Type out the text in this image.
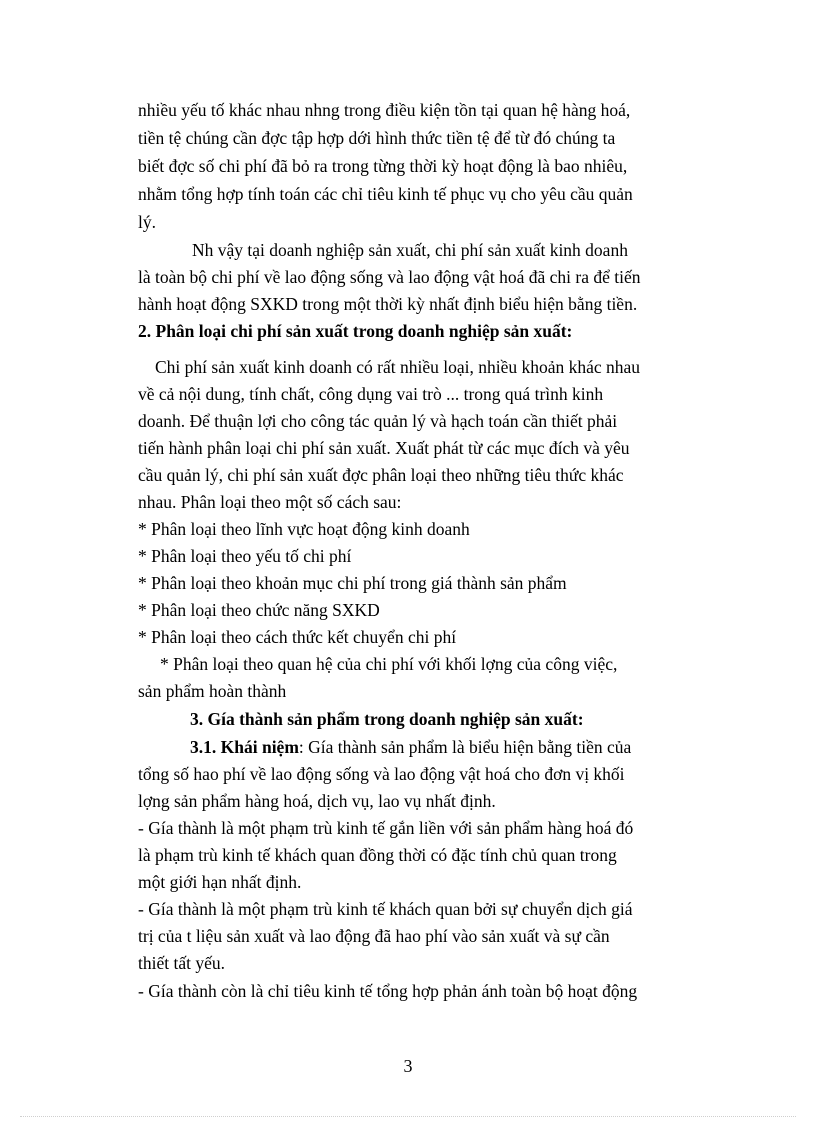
nhiều yếu tố khác nhau nhng trong điều kiện tồn tại quan hệ hàng hoá,
tiền tệ chúng cần đợc tập hợp dới hình thức tiền tệ để từ đó chúng ta
biết đợc số chi phí đã bỏ ra trong từng thời kỳ hoạt động là bao nhiêu,
nhằm tổng hợp tính toán các chỉ tiêu kinh tế phục vụ cho yêu cầu quản
lý.
Nh vậy tại doanh nghiệp sản xuất, chi phí sản xuất kinh doanh
là toàn bộ chi phí về lao động sống và lao động vật hoá đã chi ra để tiến
hành hoạt động SXKD trong một thời kỳ nhất định biểu hiện bằng tiền.
2. Phân loại chi phí sản xuất trong doanh nghiệp sản xuất:
Chi phí sản xuất kinh doanh có rất nhiều loại, nhiều khoản khác nhau
về cả nội dung, tính chất, công dụng vai trò ... trong quá trình kinh
doanh. Để thuận lợi cho công tác quản lý và hạch toán cần thiết phải
tiến hành phân loại chi phí sản xuất. Xuất phát từ các mục đích và yêu
cầu quản lý, chi phí sản xuất đợc phân loại theo những tiêu thức khác
nhau. Phân loại theo một số cách sau:
* Phân loại theo lĩnh vực hoạt động kinh doanh
* Phân loại theo yếu tố chi phí
* Phân loại theo khoản mục chi phí trong giá thành sản phẩm
* Phân loại theo chức năng SXKD
* Phân loại theo cách thức kết chuyển chi phí
* Phân loại theo quan hệ của chi phí với khối lợng của công việc,
sản phẩm hoàn thành
3. Gía thành sản phẩm trong doanh nghiệp sản xuất:
3.1. Khái niệm: Gía thành sản phẩm là biểu hiện bằng tiền của
tổng số hao phí về lao động sống và lao động vật hoá cho đơn vị khối
lợng sản phẩm hàng hoá, dịch vụ, lao vụ nhất định.
- Gía thành là một phạm trù kinh tế gắn liền với sản phẩm hàng hoá đó
là phạm trù kinh tế khách quan đồng thời có đặc tính chủ quan trong
một giới hạn nhất định.
- Gía thành là một phạm trù kinh tế khách quan bởi sự chuyển dịch giá
trị của t liệu sản xuất và lao động đã hao phí vào sản xuất và sự cần
thiết tất yếu.
- Gía thành còn là chỉ tiêu kinh tế tổng hợp phản ánh toàn bộ hoạt động
3
